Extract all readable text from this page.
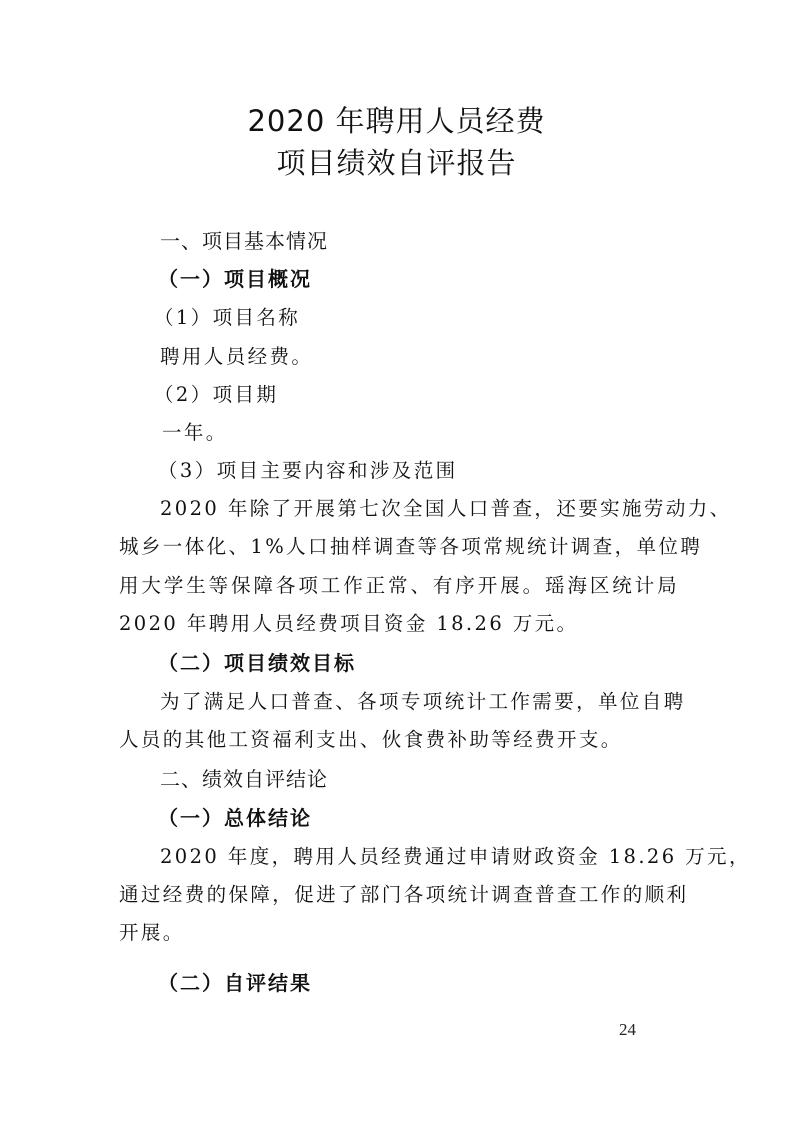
2020 年聘用人员经费
项目绩效自评报告
一、项目基本情况
（一）项目概况
（1）项目名称
聘用人员经费。
（2）项目期
一年。
（3）项目主要内容和涉及范围
2020 年除了开展第七次全国人口普查，还要实施劳动力、
城乡一体化、1%人口抽样调查等各项常规统计调查，单位聘
用大学生等保障各项工作正常、有序开展。瑶海区统计局
2020 年聘用人员经费项目资金 18.26 万元。
（二）项目绩效目标
为了满足人口普查、各项专项统计工作需要，单位自聘
人员的其他工资福利支出、伙食费补助等经费开支。
二、绩效自评结论
（一）总体结论
2020 年度，聘用人员经费通过申请财政资金 18.26 万元，
通过经费的保障，促进了部门各项统计调查普查工作的顺利
开展。
（二）自评结果
24
